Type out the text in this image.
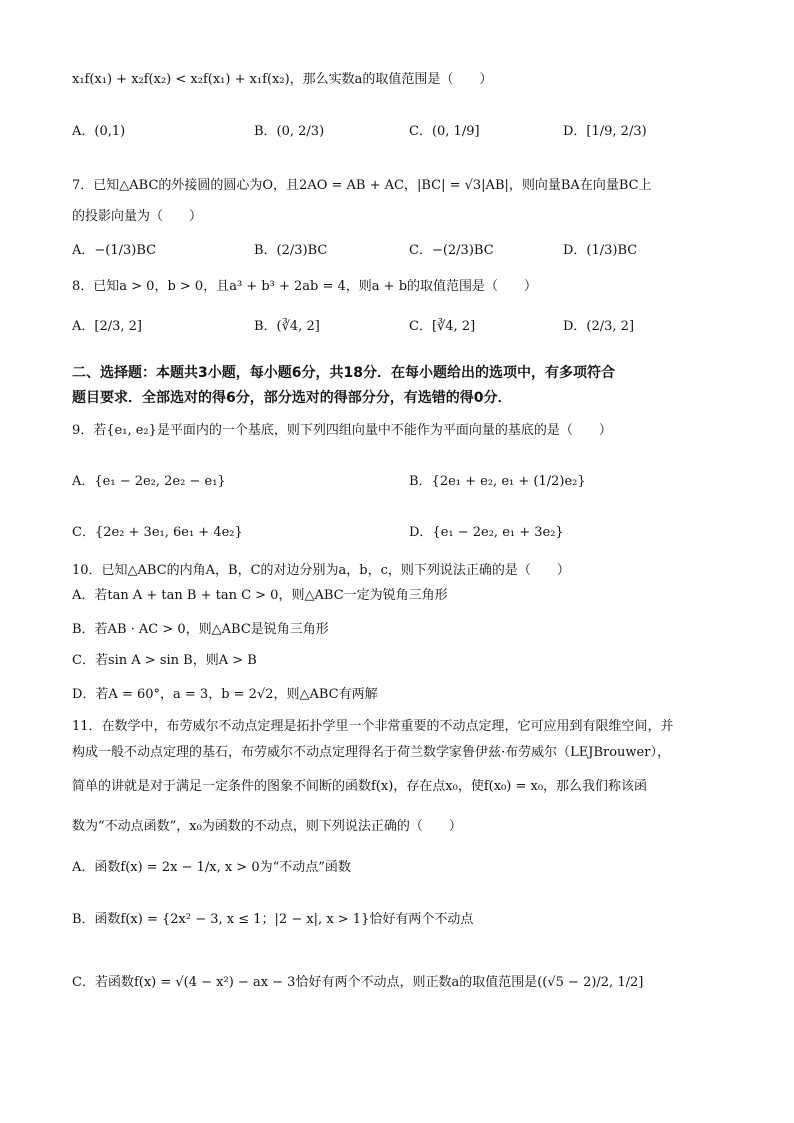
x₁f(x₁) + x₂f(x₂) < x₂f(x₁) + x₁f(x₂)，那么实数a的取值范围是（　　）
A．(0,1)	B．(0, 2/3)	C．(0, 1/9]	D．[1/9, 2/3)
7．已知△ABC的外接圆的圆心为O，且2AO = AB + AC，|BC| = √3|AB|，则向量BA在向量BC上
的投影向量为（　　）
A．−(1/3)BC	B．(2/3)BC	C．−(2/3)BC	D．(1/3)BC
8．已知a > 0，b > 0，且a³ + b³ + 2ab = 4，则a + b的取值范围是（　　）
A．[2/3, 2]	B．(∛4, 2]	C．[∛4, 2]	D．(2/3, 2]
二、选择题：本题共3小题，每小题6分，共18分．在每小题给出的选项中，有多项符合
题目要求．全部选对的得6分，部分选对的得部分分，有选错的得0分．
9．若{e₁, e₂}是平面内的一个基底，则下列四组向量中不能作为平面向量的基底的是（　　）
A．{e₁ − 2e₂, 2e₂ − e₁}	B．{2e₁ + e₂, e₁ + (1/2)e₂}
C．{2e₂ + 3e₁, 6e₁ + 4e₂}	D．{e₁ − 2e₂, e₁ + 3e₂}
10．已知△ABC的内角A，B，C的对边分别为a，b，c，则下列说法正确的是（　　）
A．若tan A + tan B + tan C > 0，则△ABC一定为锐角三角形
B．若AB · AC > 0，则△ABC是锐角三角形
C．若sin A > sin B，则A > B
D．若A = 60°，a = 3，b = 2√2，则△ABC有两解
11．在数学中，布劳威尔不动点定理是拓扑学里一个非常重要的不动点定理，它可应用到有限维空间，并
构成一般不动点定理的基石，布劳威尔不动点定理得名于荷兰数学家鲁伊兹·布劳威尔（LEJBrouwer），
简单的讲就是对于满足一定条件的图象不间断的函数f(x)，存在点x₀，使f(x₀) = x₀，那么我们称该函
数为“不动点函数”，x₀为函数的不动点，则下列说法正确的（　　）
A．函数f(x) = 2x − 1/x, x > 0为“不动点”函数
B．函数f(x) = {2x² − 3, x ≤ 1；|2 − x|, x > 1}恰好有两个不动点
C．若函数f(x) = √(4 − x²) − ax − 3恰好有两个不动点，则正数a的取值范围是((√5 − 2)/2, 1/2]
